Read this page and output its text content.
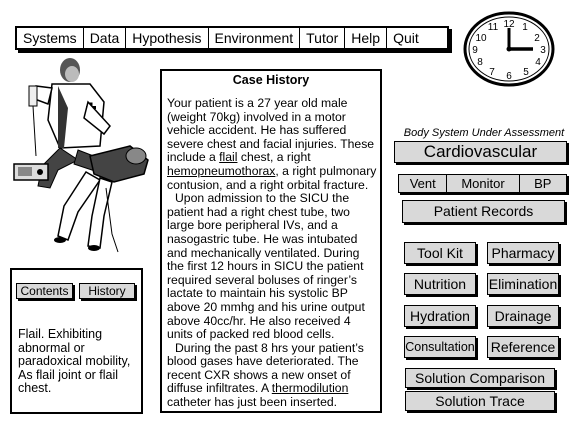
Systems Data Hypothesis Environment Tutor Help Quit
12 1
2
3
4
5
6
7
8
9
10
11
Case History

Your patient is a 27 year old male (weight 70kg) involved in a motor vehicle accident. He has suffered severe chest and facial injuries. These include a flail chest, a right hemopneumothorax, a right pulmonary contusion, and a right orbital fracture.

Upon admission to the SICU the patient had a right chest tube, two large bore peripheral IVs, and a nasogastric tube. He was intubated and mechanically ventilated. During the first 12 hours in SICU the patient required several boluses of ringer’s lactate to maintain his systolic BP above 20 mmhg and his urine output above 40cc/hr. He also received 4 units of packed red blood cells.

During the past 8 hrs your patient’s blood gases have deteriorated. The recent CXR shows a new onset of diffuse infiltrates. A thermodilution catheter has just been inserted.

Contents	History
Flail. Exhibiting abnormal or paradoxical mobility, As flail joint or flail chest.
Body System Under Assessment
Cardiovascular
Vent	Monitor	BP
Patient Records
Tool Kit	Pharmacy
Nutrition	Elimination
Hydration	Drainage
Consultation Reference
Solution Comparison
Solution Trace
